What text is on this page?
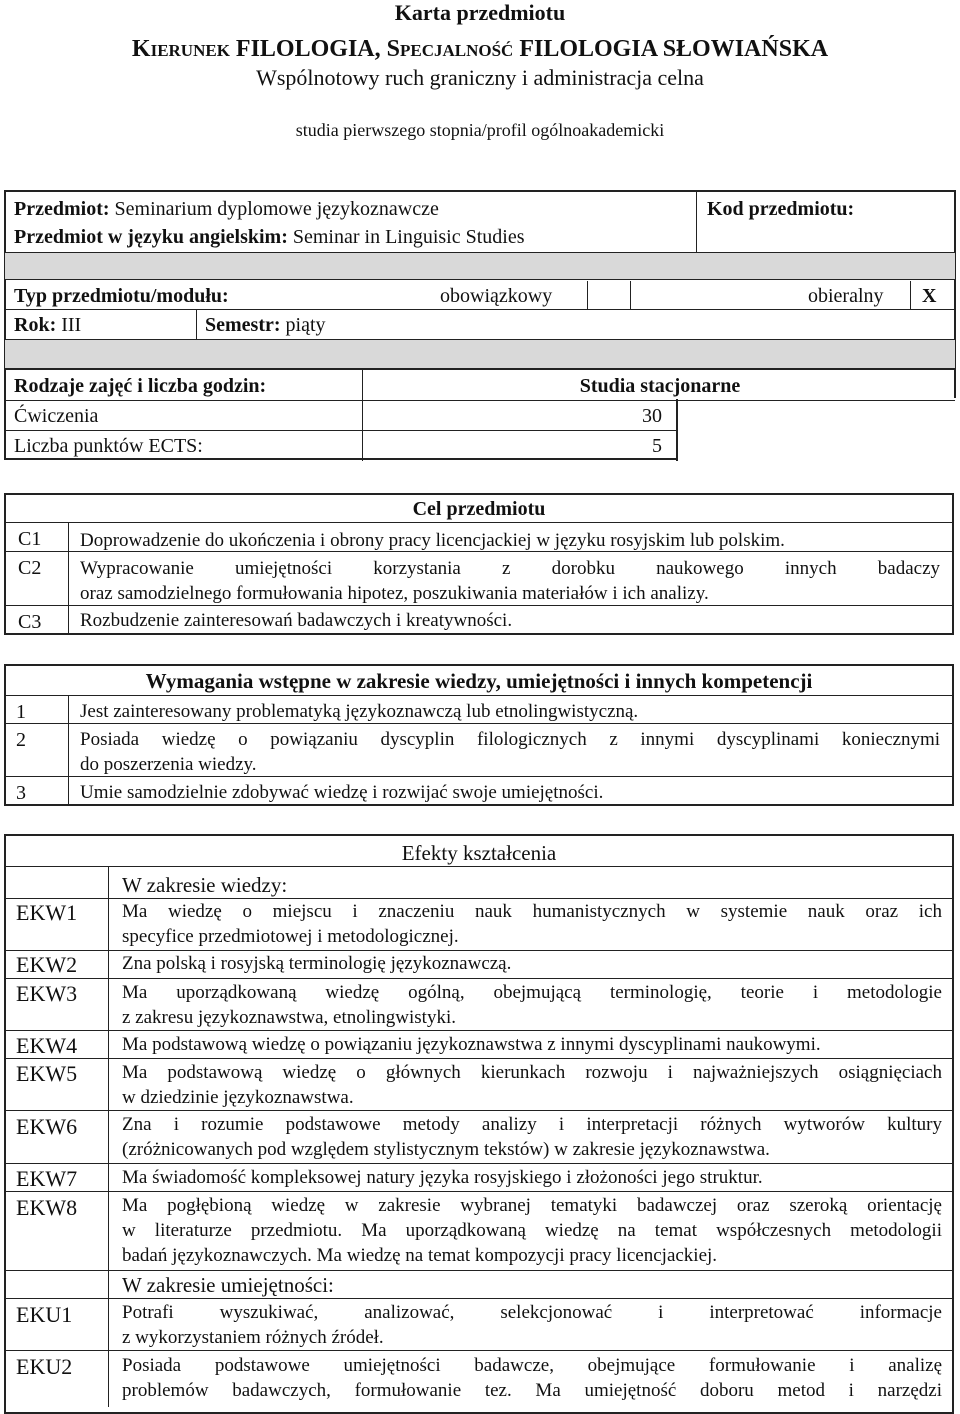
Karta przedmiotu
Kierunek FILOLOGIA, Specjalność FILOLOGIA SŁOWIAŃSKA
Wspólnotowy ruch graniczny i administracja celna
studia pierwszego stopnia/profil ogólnoakademicki
Przedmiot: Seminarium dyplomowe językoznawcze
Przedmiot w języku angielskim: Seminar in Linguisic Studies
Kod przedmiotu:
Typ przedmiotu/modułu:	obowiązkowy	obieralny X
Rok: III	Semestr: piąty
Rodzaje zajęć i liczba godzin:	Studia stacjonarne
Ćwiczenia	30
Liczba punktów ECTS:	5
Cel przedmiotu
C1 Doprowadzenie do ukończenia i obrony pracy licencjackiej w języku rosyjskim lub polskim.
C2 Wypracowanie umiejętności korzystania z dorobku naukowego innych badaczy
oraz samodzielnego formułowania hipotez, poszukiwania materiałów i ich analizy.
C3 Rozbudzenie zainteresowań badawczych i kreatywności.
Wymagania wstępne w zakresie wiedzy, umiejętności i innych kompetencji
1	Jest zainteresowany problematyką językoznawczą lub etnolingwistyczną.
2	Posiada wiedzę o powiązaniu dyscyplin filologicznych z innymi dyscyplinami koniecznymi
do poszerzenia wiedzy.
3	Umie samodzielnie zdobywać wiedzę i rozwijać swoje umiejętności.
Efekty kształcenia
W zakresie wiedzy:
EKW1 Ma wiedzę o miejscu i znaczeniu nauk humanistycznych w systemie nauk oraz ich
specyfice przedmiotowej i metodologicznej.
EKW2 Zna polską i rosyjską terminologię językoznawczą.
EKW3 Ma uporządkowaną wiedzę ogólną, obejmującą terminologię, teorie i metodologie
z zakresu językoznawstwa, etnolingwistyki.
EKW4 Ma podstawową wiedzę o powiązaniu językoznawstwa z innymi dyscyplinami naukowymi.
EKW5 Ma podstawową wiedzę o głównych kierunkach rozwoju i najważniejszych osiągnięciach
w dziedzinie językoznawstwa.
EKW6 Zna i rozumie podstawowe metody analizy i interpretacji różnych wytworów kultury
(zróżnicowanych pod względem stylistycznym tekstów) w zakresie językoznawstwa.
EKW7 Ma świadomość kompleksowej natury języka rosyjskiego i złożoności jego struktur.
EKW8 Ma pogłębioną wiedzę w zakresie wybranej tematyki badawczej oraz szeroką orientację
w literaturze przedmiotu. Ma uporządkowaną wiedzę na temat współczesnych metodologii
badań językoznawczych. Ma wiedzę na temat kompozycji pracy licencjackiej.
W zakresie umiejętności:
EKU1	Potrafi wyszukiwać, analizować, selekcjonować i interpretować informacje
z wykorzystaniem różnych źródeł.
EKU2	Posiada podstawowe umiejętności badawcze, obejmujące formułowanie i analizę
problemów badawczych, formułowanie tez. Ma umiejętność doboru metod i narzędzi
